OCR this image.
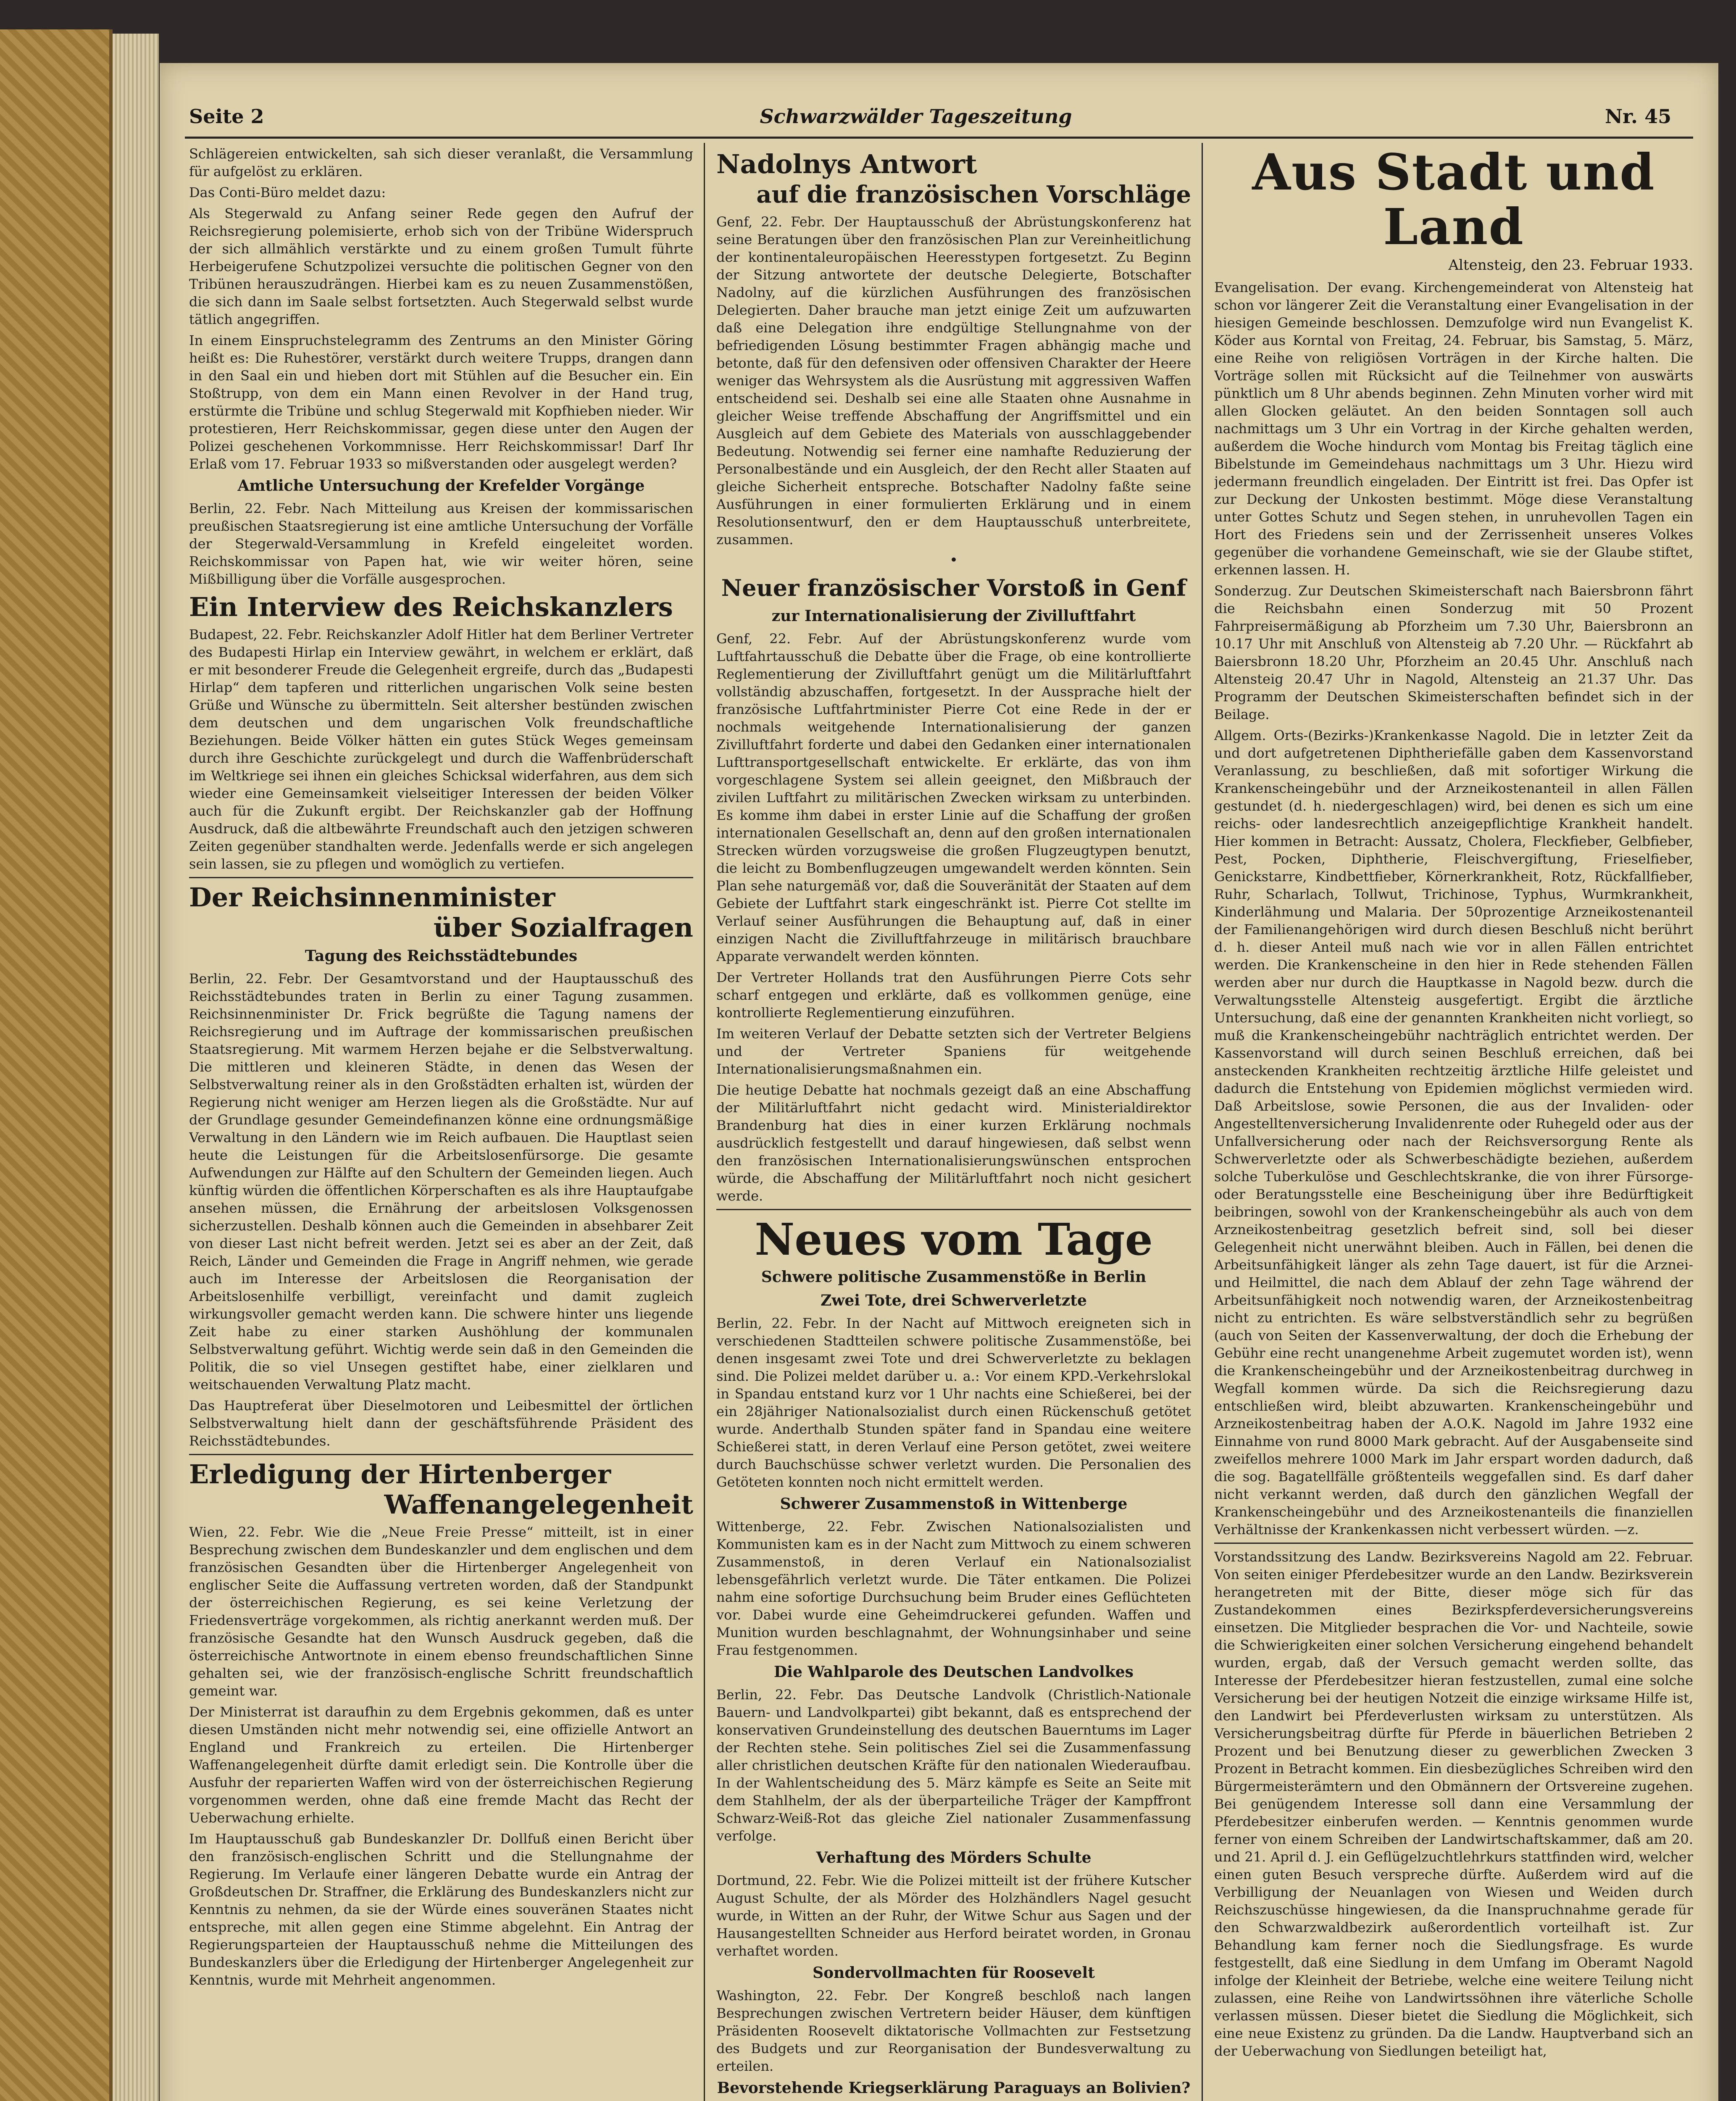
Seite 2	Schwarzwälder Tageszeitung	Nr. 45

Schlägereien entwickelten, sah sich dieser veranlaßt, die Versammlung für aufgelöst zu erklären.

Das Conti-Büro meldet dazu:

Als Stegerwald zu Anfang seiner Rede gegen den Aufruf der Reichsregierung polemisierte, erhob sich von der Tribüne Widerspruch der sich allmählich verstärkte und zu einem großen Tumult führte Herbeigerufene Schutzpolizei versuchte die politischen Gegner von den Tribünen herauszudrängen. Hierbei kam es zu neuen Zusammenstößen, die sich dann im Saale selbst fortsetzten. Auch Stegerwald selbst wurde tätlich angegriffen.

In einem Einspruchstelegramm des Zentrums an den Minister Göring heißt es: Die Ruhestörer, verstärkt durch weitere Trupps, drangen dann in den Saal ein und hieben dort mit Stühlen auf die Besucher ein. Ein Stoßtrupp, von dem ein Mann einen Revolver in der Hand trug, erstürmte die Tribüne und schlug Stegerwald mit Kopfhieben nieder. Wir protestieren, Herr Reichskommissar, gegen diese unter den Augen der Polizei geschehenen Vorkommnisse. Herr Reichskommissar! Darf Ihr Erlaß vom 17. Februar 1933 so mißverstanden oder ausgelegt werden?

Amtliche Untersuchung der Krefelder Vorgänge

Berlin, 22. Febr. Nach Mitteilung aus Kreisen der kommissarischen preußischen Staatsregierung ist eine amtliche Untersuchung der Vorfälle der Stegerwald-Versammlung in Krefeld eingeleitet worden. Reichskommissar von Papen hat, wie wir weiter hören, seine Mißbilligung über die Vorfälle ausgesprochen.

Ein Interview des Reichskanzlers

Budapest, 22. Febr. Reichskanzler Adolf Hitler hat dem Berliner Vertreter des Budapesti Hirlap ein Interview gewährt, in welchem er erklärt, daß er mit besonderer Freude die Gelegenheit ergreife, durch das „Budapesti Hirlap“ dem tapferen und ritterlichen ungarischen Volk seine besten Grüße und Wünsche zu übermitteln. Seit altersher bestünden zwischen dem deutschen und dem ungarischen Volk freundschaftliche Beziehungen. Beide Völker hätten ein gutes Stück Weges gemeinsam durch ihre Geschichte zurückgelegt und durch die Waffenbrüderschaft im Weltkriege sei ihnen ein gleiches Schicksal widerfahren, aus dem sich wieder eine Gemeinsamkeit vielseitiger Interessen der beiden Völker auch für die Zukunft ergibt. Der Reichskanzler gab der Hoffnung Ausdruck, daß die altbewährte Freundschaft auch den jetzigen schweren Zeiten gegenüber standhalten werde. Jedenfalls werde er sich angelegen sein lassen, sie zu pflegen und womöglich zu vertiefen.

Der Reichsinnenminister
über Sozialfragen
Tagung des Reichsstädtebundes

Berlin, 22. Febr. Der Gesamtvorstand und der Hauptausschuß des Reichsstädtebundes traten in Berlin zu einer Tagung zusammen. Reichsinnenminister Dr. Frick begrüßte die Tagung namens der Reichsregierung und im Auftrage der kommissarischen preußischen Staatsregierung. Mit warmem Herzen bejahe er die Selbstverwaltung. Die mittleren und kleineren Städte, in denen das Wesen der Selbstverwaltung reiner als in den Großstädten erhalten ist, würden der Regierung nicht weniger am Herzen liegen als die Großstädte. Nur auf der Grundlage gesunder Gemeindefinanzen könne eine ordnungsmäßige Verwaltung in den Ländern wie im Reich aufbauen. Die Hauptlast seien heute die Leistungen für die Arbeitslosenfürsorge. Die gesamte Aufwendungen zur Hälfte auf den Schultern der Gemeinden liegen. Auch künftig würden die öffentlichen Körperschaften es als ihre Hauptaufgabe ansehen müssen, die Ernährung der arbeitslosen Volksgenossen sicherzustellen. Deshalb können auch die Gemeinden in absehbarer Zeit von dieser Last nicht befreit werden. Jetzt sei es aber an der Zeit, daß Reich, Länder und Gemeinden die Frage in Angriff nehmen, wie gerade auch im Interesse der Arbeitslosen die Reorganisation der Arbeitslosenhilfe verbilligt, vereinfacht und damit zugleich wirkungsvoller gemacht werden kann. Die schwere hinter uns liegende Zeit habe zu einer starken Aushöhlung der kommunalen Selbstverwaltung geführt. Wichtig werde sein daß in den Gemeinden die Politik, die so viel Unsegen gestiftet habe, einer zielklaren und weitschauenden Verwaltung Platz macht.

Das Hauptreferat über Dieselmotoren und Leibesmittel der örtlichen Selbstverwaltung hielt dann der geschäftsführende Präsident des Reichsstädtebundes.

Erledigung der Hirtenberger
Waffenangelegenheit

Wien, 22. Febr. Wie die „Neue Freie Presse“ mitteilt, ist in einer Besprechung zwischen dem Bundeskanzler und dem englischen und dem französischen Gesandten über die Hirtenberger Angelegenheit von englischer Seite die Auffassung vertreten worden, daß der Standpunkt der österreichischen Regierung, es sei keine Verletzung der Friedensverträge vorgekommen, als richtig anerkannt werden muß. Der französische Gesandte hat den Wunsch Ausdruck gegeben, daß die österreichische Antwortnote in einem ebenso freundschaftlichen Sinne gehalten sei, wie der französisch-englische Schritt freundschaftlich gemeint war.

Der Ministerrat ist daraufhin zu dem Ergebnis gekommen, daß es unter diesen Umständen nicht mehr notwendig sei, eine offizielle Antwort an England und Frankreich zu erteilen. Die Hirtenberger Waffenangelegenheit dürfte damit erledigt sein. Die Kontrolle über die Ausfuhr der reparierten Waffen wird von der österreichischen Regierung vorgenommen werden, ohne daß eine fremde Macht das Recht der Ueberwachung erhielte.

Im Hauptausschuß gab Bundeskanzler Dr. Dollfuß einen Bericht über den französisch-englischen Schritt und die Stellungnahme der Regierung. Im Verlaufe einer längeren Debatte wurde ein Antrag der Großdeutschen Dr. Straffner, die Erklärung des Bundeskanzlers nicht zur Kenntnis zu nehmen, da sie der Würde eines souveränen Staates nicht entspreche, mit allen gegen eine Stimme abgelehnt. Ein Antrag der Regierungsparteien der Hauptausschuß nehme die Mitteilungen des Bundeskanzlers über die Erledigung der Hirtenberger Angelegenheit zur Kenntnis, wurde mit Mehrheit angenommen.

Nadolnys Antwort
auf die französischen Vorschläge

Genf, 22. Febr. Der Hauptausschuß der Abrüstungskonferenz hat seine Beratungen über den französischen Plan zur Vereinheitlichung der kontinentaleuropäischen Heeresstypen fortgesetzt. Zu Beginn der Sitzung antwortete der deutsche Delegierte, Botschafter Nadolny, auf die kürzlichen Ausführungen des französischen Delegierten. Daher brauche man jetzt einige Zeit um aufzuwarten daß eine Delegation ihre endgültige Stellungnahme von der befriedigenden Lösung bestimmter Fragen abhängig mache und betonte, daß für den defensiven oder offensiven Charakter der Heere weniger das Wehrsystem als die Ausrüstung mit aggressiven Waffen entscheidend sei. Deshalb sei eine alle Staaten ohne Ausnahme in gleicher Weise treffende Abschaffung der Angriffsmittel und ein Ausgleich auf dem Gebiete des Materials von ausschlaggebender Bedeutung. Notwendig sei ferner eine namhafte Reduzierung der Personalbestände und ein Ausgleich, der den Recht aller Staaten auf gleiche Sicherheit entspreche. Botschafter Nadolny faßte seine Ausführungen in einer formulierten Erklärung und in einem Resolutionsentwurf, den er dem Hauptausschuß unterbreitete, zusammen.

•
Neuer französischer Vorstoß in Genf
zur Internationalisierung der Zivilluftfahrt

Genf, 22. Febr. Auf der Abrüstungskonferenz wurde vom Luftfahrtausschuß die Debatte über die Frage, ob eine kontrollierte Reglementierung der Zivilluftfahrt genügt um die Militärluftfahrt vollständig abzuschaffen, fortgesetzt. In der Aussprache hielt der französische Luftfahrtminister Pierre Cot eine Rede in der er nochmals weitgehende Internationalisierung der ganzen Zivilluftfahrt forderte und dabei den Gedanken einer internationalen Lufttransportgesellschaft entwickelte. Er erklärte, das von ihm vorgeschlagene System sei allein geeignet, den Mißbrauch der zivilen Luftfahrt zu militärischen Zwecken wirksam zu unterbinden. Es komme ihm dabei in erster Linie auf die Schaffung der großen internationalen Gesellschaft an, denn auf den großen internationalen Strecken würden vorzugsweise die großen Flugzeugtypen benutzt, die leicht zu Bombenflugzeugen umgewandelt werden könnten. Sein Plan sehe naturgemäß vor, daß die Souveränität der Staaten auf dem Gebiete der Luftfahrt stark eingeschränkt ist. Pierre Cot stellte im Verlauf seiner Ausführungen die Behauptung auf, daß in einer einzigen Nacht die Zivilluftfahrzeuge in militärisch brauchbare Apparate verwandelt werden könnten.

Der Vertreter Hollands trat den Ausführungen Pierre Cots sehr scharf entgegen und erklärte, daß es vollkommen genüge, eine kontrollierte Reglementierung einzuführen.

Im weiteren Verlauf der Debatte setzten sich der Vertreter Belgiens und der Vertreter Spaniens für weitgehende Internationalisierungsmaßnahmen ein.

Die heutige Debatte hat nochmals gezeigt daß an eine Abschaffung der Militärluftfahrt nicht gedacht wird. Ministerialdirektor Brandenburg hat dies in einer kurzen Erklärung nochmals ausdrücklich festgestellt und darauf hingewiesen, daß selbst wenn den französischen Internationalisierungswünschen entsprochen würde, die Abschaffung der Militärluftfahrt noch nicht gesichert werde.

Neues vom Tage
Schwere politische Zusammenstöße in Berlin
Zwei Tote, drei Schwerverletzte

Berlin, 22. Febr. In der Nacht auf Mittwoch ereigneten sich in verschiedenen Stadtteilen schwere politische Zusammenstöße, bei denen insgesamt zwei Tote und drei Schwerverletzte zu beklagen sind. Die Polizei meldet darüber u. a.: Vor einem KPD.-Verkehrslokal in Spandau entstand kurz vor 1 Uhr nachts eine Schießerei, bei der ein 28jähriger Nationalsozialist durch einen Rückenschuß getötet wurde. Anderthalb Stunden später fand in Spandau eine weitere Schießerei statt, in deren Verlauf eine Person getötet, zwei weitere durch Bauchschüsse schwer verletzt wurden. Die Personalien des Getöteten konnten noch nicht ermittelt werden.

Schwerer Zusammenstoß in Wittenberge

Wittenberge, 22. Febr. Zwischen Nationalsozialisten und Kommunisten kam es in der Nacht zum Mittwoch zu einem schweren Zusammenstoß, in deren Verlauf ein Nationalsozialist lebensgefährlich verletzt wurde. Die Täter entkamen. Die Polizei nahm eine sofortige Durchsuchung beim Bruder eines Geflüchteten vor. Dabei wurde eine Geheimdruckerei gefunden. Waffen und Munition wurden beschlagnahmt, der Wohnungsinhaber und seine Frau festgenommen.

Die Wahlparole des Deutschen Landvolkes

Berlin, 22. Febr. Das Deutsche Landvolk (Christlich-Nationale Bauern- und Landvolkpartei) gibt bekannt, daß es entsprechend der konservativen Grundeinstellung des deutschen Bauerntums im Lager der Rechten stehe. Sein politisches Ziel sei die Zusammenfassung aller christlichen deutschen Kräfte für den nationalen Wiederaufbau. In der Wahlentscheidung des 5. März kämpfe es Seite an Seite mit dem Stahlhelm, der als der überparteiliche Träger der Kampffront Schwarz-Weiß-Rot das gleiche Ziel nationaler Zusammenfassung verfolge.

Verhaftung des Mörders Schulte

Dortmund, 22. Febr. Wie die Polizei mitteilt ist der frühere Kutscher August Schulte, der als Mörder des Holzhändlers Nagel gesucht wurde, in Witten an der Ruhr, der Witwe Schur aus Sagen und der Hausangestellten Schneider aus Herford beiratet worden, in Gronau verhaftet worden.

Sondervollmachten für Roosevelt

Washington, 22. Febr. Der Kongreß beschloß nach langen Besprechungen zwischen Vertretern beider Häuser, dem künftigen Präsidenten Roosevelt diktatorische Vollmachten zur Festsetzung des Budgets und zur Reorganisation der Bundesverwaltung zu erteilen.

Bevorstehende Kriegserklärung Paraguays an Bolivien?

Aus Stadt und Land
Altensteig, den 23. Februar 1933.

Evangelisation. Der evang. Kirchengemeinderat von Altensteig hat schon vor längerer Zeit die Veranstaltung einer Evangelisation in der hiesigen Gemeinde beschlossen. Demzufolge wird nun Evangelist K. Köder aus Korntal von Freitag, 24. Februar, bis Samstag, 5. März, eine Reihe von religiösen Vorträgen in der Kirche halten. Die Vorträge sollen mit Rücksicht auf die Teilnehmer von auswärts pünktlich um 8 Uhr abends beginnen. Zehn Minuten vorher wird mit allen Glocken geläutet. An den beiden Sonntagen soll auch nachmittags um 3 Uhr ein Vortrag in der Kirche gehalten werden, außerdem die Woche hindurch vom Montag bis Freitag täglich eine Bibelstunde im Gemeindehaus nachmittags um 3 Uhr. Hiezu wird jedermann freundlich eingeladen. Der Eintritt ist frei. Das Opfer ist zur Deckung der Unkosten bestimmt. Möge diese Veranstaltung unter Gottes Schutz und Segen stehen, in unruhevollen Tagen ein Hort des Friedens sein und der Zerrissenheit unseres Volkes gegenüber die vorhandene Gemeinschaft, wie sie der Glaube stiftet, erkennen lassen. H.

Sonderzug. Zur Deutschen Skimeisterschaft nach Baiersbronn fährt die Reichsbahn einen Sonderzug mit 50 Prozent Fahrpreisermäßigung ab Pforzheim um 7.30 Uhr, Baiersbronn an 10.17 Uhr mit Anschluß von Altensteig ab 7.20 Uhr. — Rückfahrt ab Baiersbronn 18.20 Uhr, Pforzheim an 20.45 Uhr. Anschluß nach Altensteig 20.47 Uhr in Nagold, Altensteig an 21.37 Uhr. Das Programm der Deutschen Skimeisterschaften befindet sich in der Beilage.

Allgem. Orts-(Bezirks-)Krankenkasse Nagold. Die in letzter Zeit da und dort aufgetretenen Diphtheriefälle gaben dem Kassenvorstand Veranlassung, zu beschließen, daß mit sofortiger Wirkung die Krankenscheingebühr und der Arzneikostenanteil in allen Fällen gestundet (d. h. niedergeschlagen) wird, bei denen es sich um eine reichs- oder landesrechtlich anzeigepflichtige Krankheit handelt. Hier kommen in Betracht: Aussatz, Cholera, Fleckfieber, Gelbfieber, Pest, Pocken, Diphtherie, Fleischvergiftung, Frieselfieber, Genickstarre, Kindbettfieber, Körnerkrankheit, Rotz, Rückfallfieber, Ruhr, Scharlach, Tollwut, Trichinose, Typhus, Wurmkrankheit, Kinderlähmung und Malaria. Der 50prozentige Arzneikostenanteil der Familienangehörigen wird durch diesen Beschluß nicht berührt d. h. dieser Anteil muß nach wie vor in allen Fällen entrichtet werden. Die Krankenscheine in den hier in Rede stehenden Fällen werden aber nur durch die Hauptkasse in Nagold bezw. durch die Verwaltungsstelle Altensteig ausgefertigt. Ergibt die ärztliche Untersuchung, daß eine der genannten Krankheiten nicht vorliegt, so muß die Krankenscheingebühr nachträglich entrichtet werden. Der Kassenvorstand will durch seinen Beschluß erreichen, daß bei ansteckenden Krankheiten rechtzeitig ärztliche Hilfe geleistet und dadurch die Entstehung von Epidemien möglichst vermieden wird. Daß Arbeitslose, sowie Personen, die aus der Invaliden- oder Angestelltenversicherung Invalidenrente oder Ruhegeld oder aus der Unfallversicherung oder nach der Reichsversorgung Rente als Schwerverletzte oder als Schwerbeschädigte beziehen, außerdem solche Tuberkulöse und Geschlechtskranke, die von ihrer Fürsorge- oder Beratungsstelle eine Bescheinigung über ihre Bedürftigkeit beibringen, sowohl von der Krankenscheingebühr als auch von dem Arzneikostenbeitrag gesetzlich befreit sind, soll bei dieser Gelegenheit nicht unerwähnt bleiben. Auch in Fällen, bei denen die Arbeitsunfähigkeit länger als zehn Tage dauert, ist für die Arznei- und Heilmittel, die nach dem Ablauf der zehn Tage während der Arbeitsunfähigkeit noch notwendig waren, der Arzneikostenbeitrag nicht zu entrichten. Es wäre selbstverständlich sehr zu begrüßen (auch von Seiten der Kassenverwaltung, der doch die Erhebung der Gebühr eine recht unangenehme Arbeit zugemutet worden ist), wenn die Krankenscheingebühr und der Arzneikostenbeitrag durchweg in Wegfall kommen würde. Da sich die Reichsregierung dazu entschließen wird, bleibt abzuwarten. Krankenscheingebühr und Arzneikostenbeitrag haben der A.O.K. Nagold im Jahre 1932 eine Einnahme von rund 8000 Mark gebracht. Auf der Ausgabenseite sind zweifellos mehrere 1000 Mark im Jahr erspart worden dadurch, daß die sog. Bagatellfälle größtenteils weggefallen sind. Es darf daher nicht verkannt werden, daß durch den gänzlichen Wegfall der Krankenscheingebühr und des Arzneikostenanteils die finanziellen Verhältnisse der Krankenkassen nicht verbessert würden. —z.

Vorstandssitzung des Landw. Bezirksvereins Nagold am 22. Februar. Von seiten einiger Pferdebesitzer wurde an den Landw. Bezirksverein herangetreten mit der Bitte, dieser möge sich für das Zustandekommen eines Bezirkspferdeversicherungsvereins einsetzen. Die Mitglieder besprachen die Vor- und Nachteile, sowie die Schwierigkeiten einer solchen Versicherung eingehend behandelt wurden, ergab, daß der Versuch gemacht werden sollte, das Interesse der Pferdebesitzer hieran festzustellen, zumal eine solche Versicherung bei der heutigen Notzeit die einzige wirksame Hilfe ist, den Landwirt bei Pferdeverlusten wirksam zu unterstützen. Als Versicherungsbeitrag dürfte für Pferde in bäuerlichen Betrieben 2 Prozent und bei Benutzung dieser zu gewerblichen Zwecken 3 Prozent in Betracht kommen. Ein diesbezügliches Schreiben wird den Bürgermeisterämtern und den Obmännern der Ortsvereine zugehen. Bei genügendem Interesse soll dann eine Versammlung der Pferdebesitzer einberufen werden. — Kenntnis genommen wurde ferner von einem Schreiben der Landwirtschaftskammer, daß am 20. und 21. April d. J. ein Geflügelzuchtlehrkurs stattfinden wird, welcher einen guten Besuch verspreche dürfte. Außerdem wird auf die Verbilligung der Neuanlagen von Wiesen und Weiden durch Reichszuschüsse hingewiesen, da die Inanspruchnahme gerade für den Schwarzwaldbezirk außerordentlich vorteilhaft ist. Zur Behandlung kam ferner noch die Siedlungsfrage. Es wurde festgestellt, daß eine Siedlung in dem Umfang im Oberamt Nagold infolge der Kleinheit der Betriebe, welche eine weitere Teilung nicht zulassen, eine Reihe von Landwirtssöhnen ihre väterliche Scholle verlassen müssen. Dieser bietet die Siedlung die Möglichkeit, sich eine neue Existenz zu gründen. Da die Landw. Hauptverband sich an der Ueberwachung von Siedlungen beteiligt hat,
